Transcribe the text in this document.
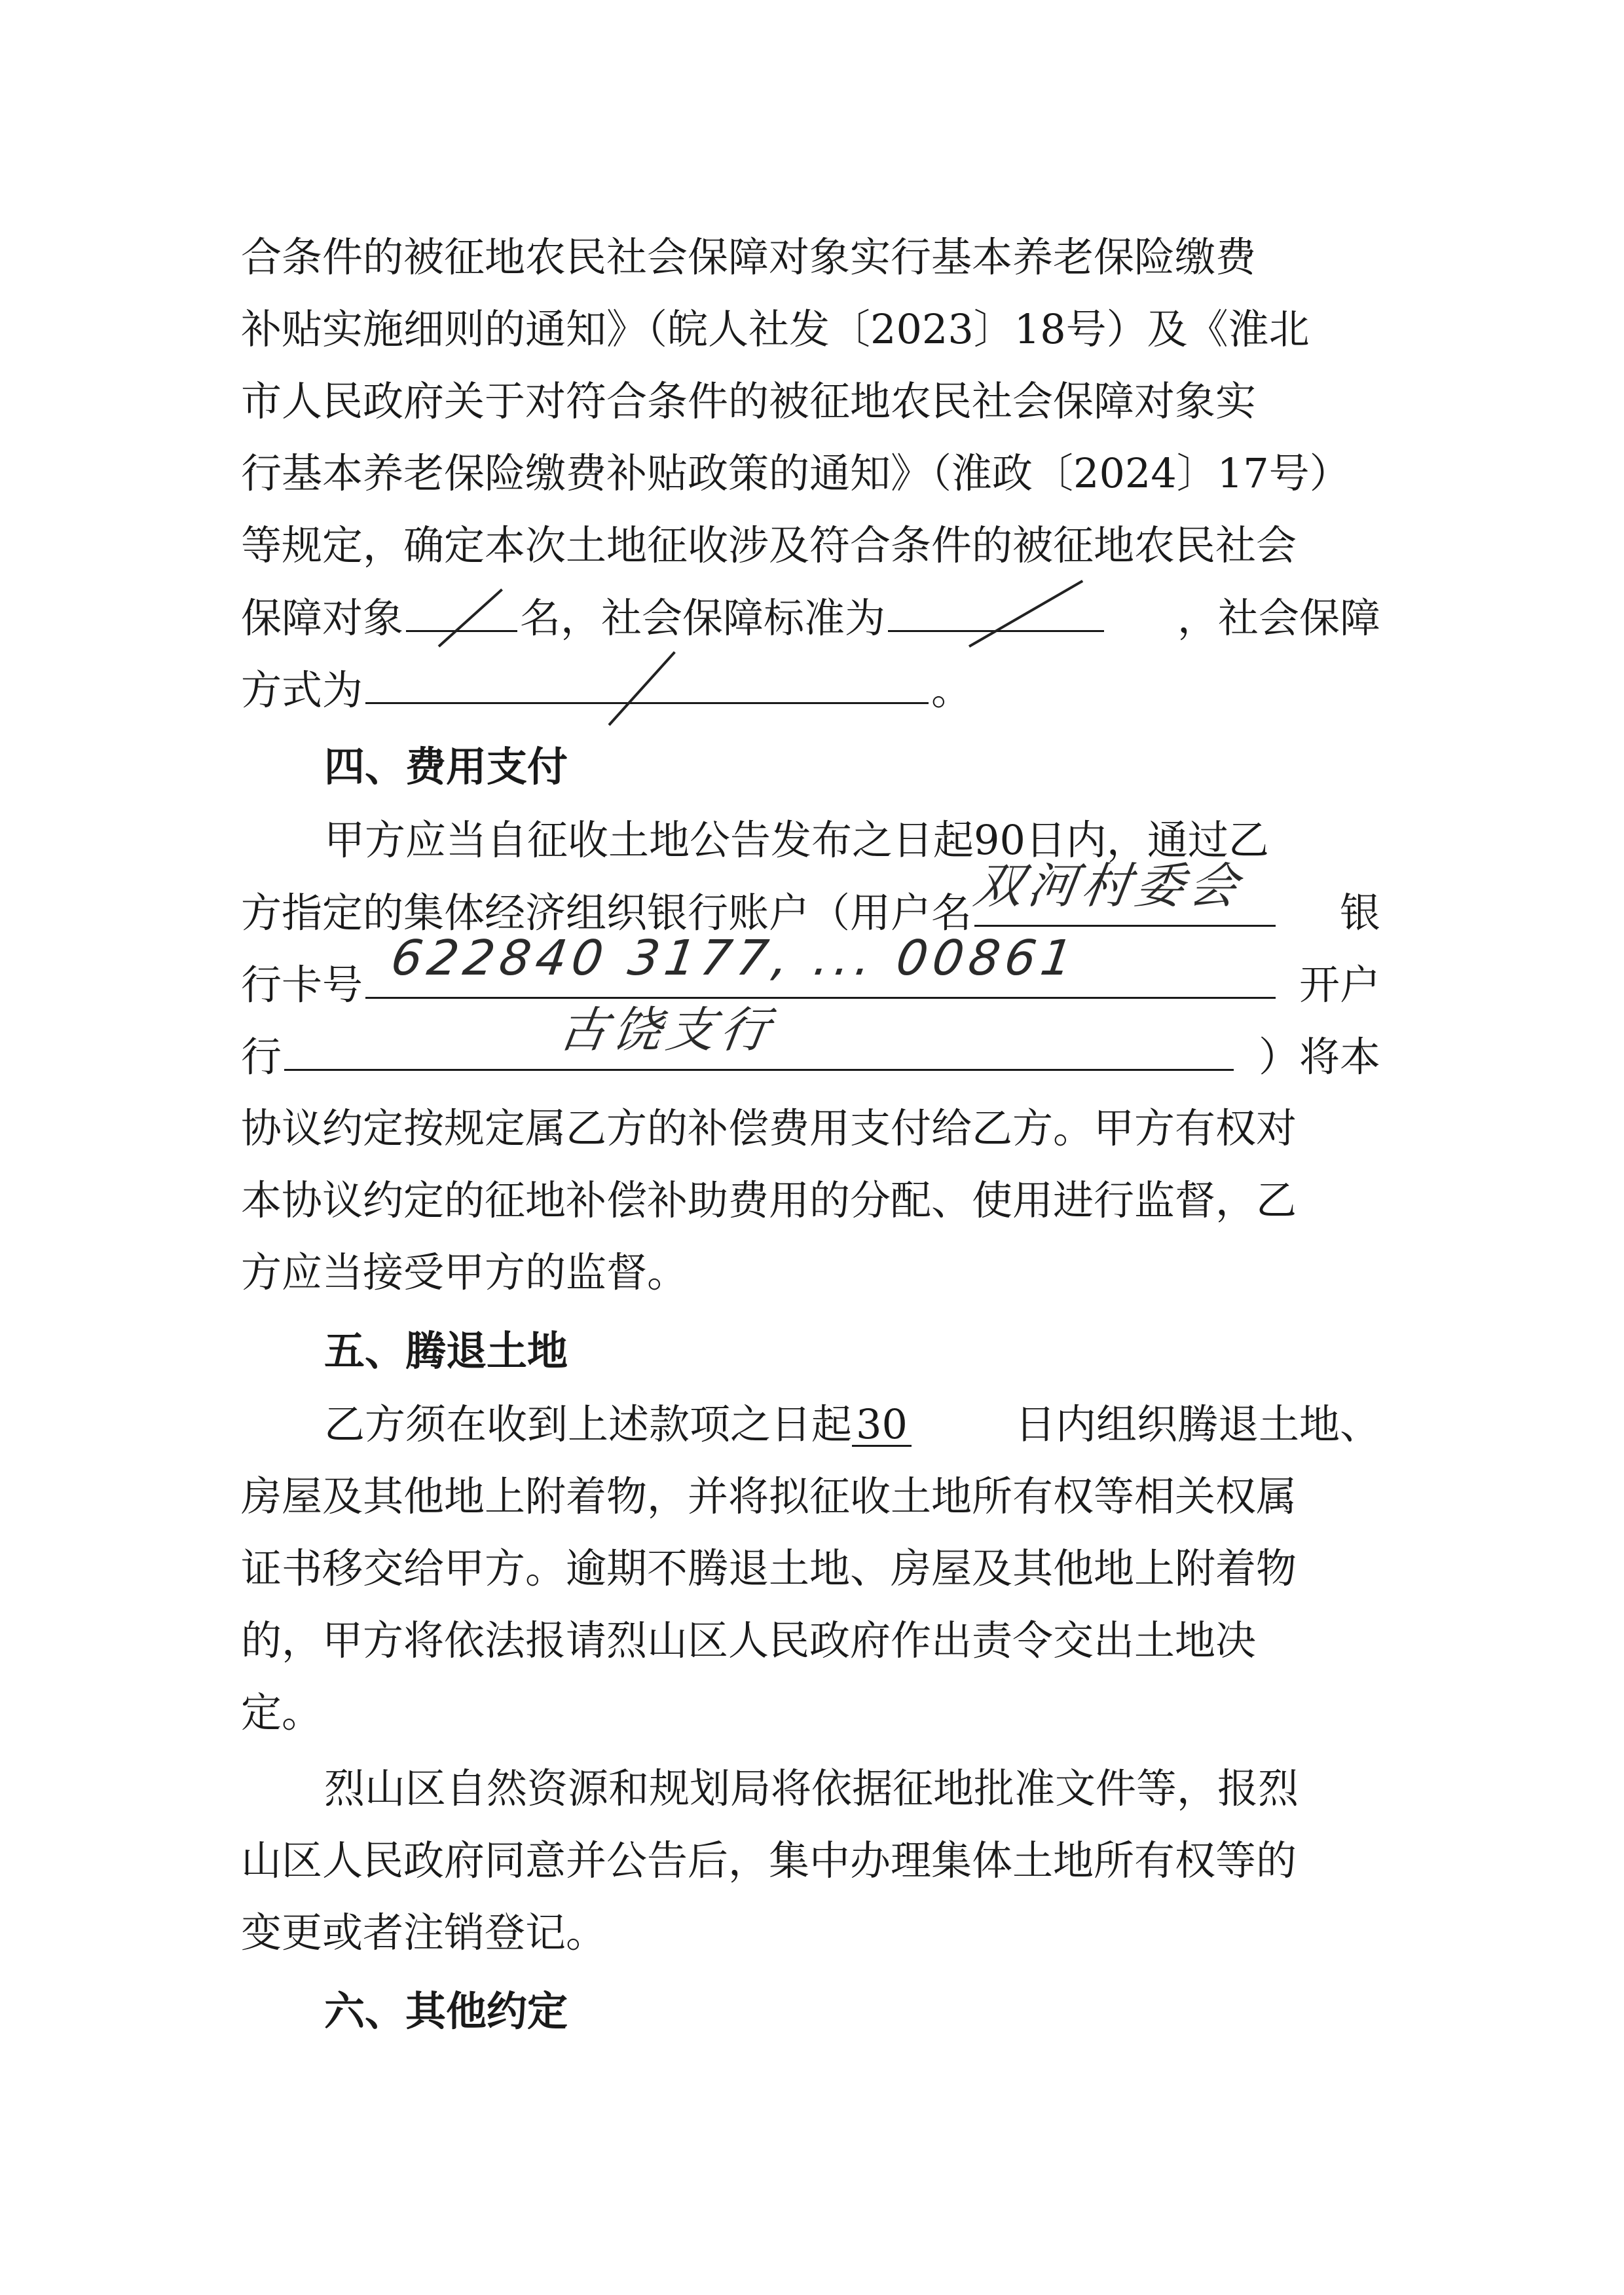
合条件的被征地农民社会保障对象实行基本养老保险缴费
补贴实施细则的通知》（皖人社发〔2023〕18号）及《淮北
市人民政府关于对符合条件的被征地农民社会保障对象实
行基本养老保险缴费补贴政策的通知》（淮政〔2024〕17号）
等规定，确定本次土地征收涉及符合条件的被征地农民社会
保障对象	名，社会保障标准为	，社会保障
方式为	。
四、费用支付
甲方应当自征收土地公告发布之日起90日内，通过乙
方指定的集体经济组织银行账户（用户名
双河村委会 银
行卡号 622840 3177, ... 00861	开户
行	古饶支行	）将本
协议约定按规定属乙方的补偿费用支付给乙方。甲方有权对
本协议约定的征地补偿补助费用的分配、使用进行监督，乙
方应当接受甲方的监督。
五、腾退土地
乙方须在收到上述款项之日起 30	日内组织腾退土地、
房屋及其他地上附着物，并将拟征收土地所有权等相关权属
证书移交给甲方。逾期不腾退土地、房屋及其他地上附着物
的，甲方将依法报请烈山区人民政府作出责令交出土地决
定。
烈山区自然资源和规划局将依据征地批准文件等，报烈
山区人民政府同意并公告后，集中办理集体土地所有权等的
变更或者注销登记。
六、其他约定
